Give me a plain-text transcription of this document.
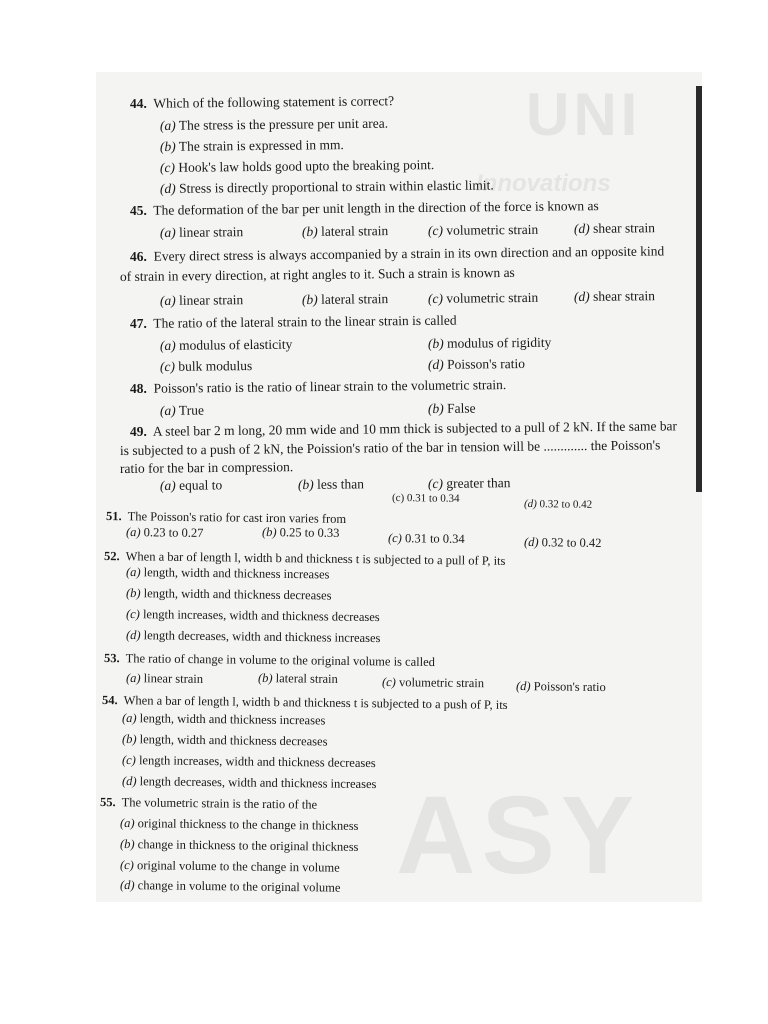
UNI
Innovations
ASY
44. Which of the following statement is correct?
(a) The stress is the pressure per unit area.
(b) The strain is expressed in mm.
(c) Hook's law holds good upto the breaking point.
(d) Stress is directly proportional to strain within elastic limit.
45. The deformation of the bar per unit length in the direction of the force is known as
(a) linear strain	(b) lateral strain	(c) volumetric strain	(d) shear strain
46. Every direct stress is always accompanied by a strain in its own direction and an opposite kind
of strain in every direction, at right angles to it. Such a strain is known as
(a) linear strain	(b) lateral strain	(c) volumetric strain	(d) shear strain
47. The ratio of the lateral strain to the linear strain is called
(a) modulus of elasticity	(b) modulus of rigidity
(c) bulk modulus	(d) Poisson's ratio
48. Poisson's ratio is the ratio of linear strain to the volumetric strain.
(a) True	(b) False
49. A steel bar 2 m long, 20 mm wide and 10 mm thick is subjected to a pull of 2 kN. If the same bar
is subjected to a push of 2 kN, the Poission's ratio of the bar in tension will be ............. the Poisson's
ratio for the bar in compression.
(a) equal to	(b) less than	(c) greater than
(c) 0.31 to 0.34	(d) 0.32 to 0.42
51. The Poisson's ratio for cast iron varies from
(a) 0.23 to 0.27	(b) 0.25 to 0.33	(c) 0.31 to 0.34	(d) 0.32 to 0.42
52. When a bar of length l, width b and thickness t is subjected to a pull of P, its
(a) length, width and thickness increases
(b) length, width and thickness decreases
(c) length increases, width and thickness decreases
(d) length decreases, width and thickness increases
53. The ratio of change in volume to the original volume is called
(a) linear strain	(b) lateral strain	(c) volumetric strain	(d) Poisson's ratio
54. When a bar of length l, width b and thickness t is subjected to a push of P, its
(a) length, width and thickness increases
(b) length, width and thickness decreases
(c) length increases, width and thickness decreases
(d) length decreases, width and thickness increases
55. The volumetric strain is the ratio of the
(a) original thickness to the change in thickness
(b) change in thickness to the original thickness
(c) original volume to the change in volume
(d) change in volume to the original volume
